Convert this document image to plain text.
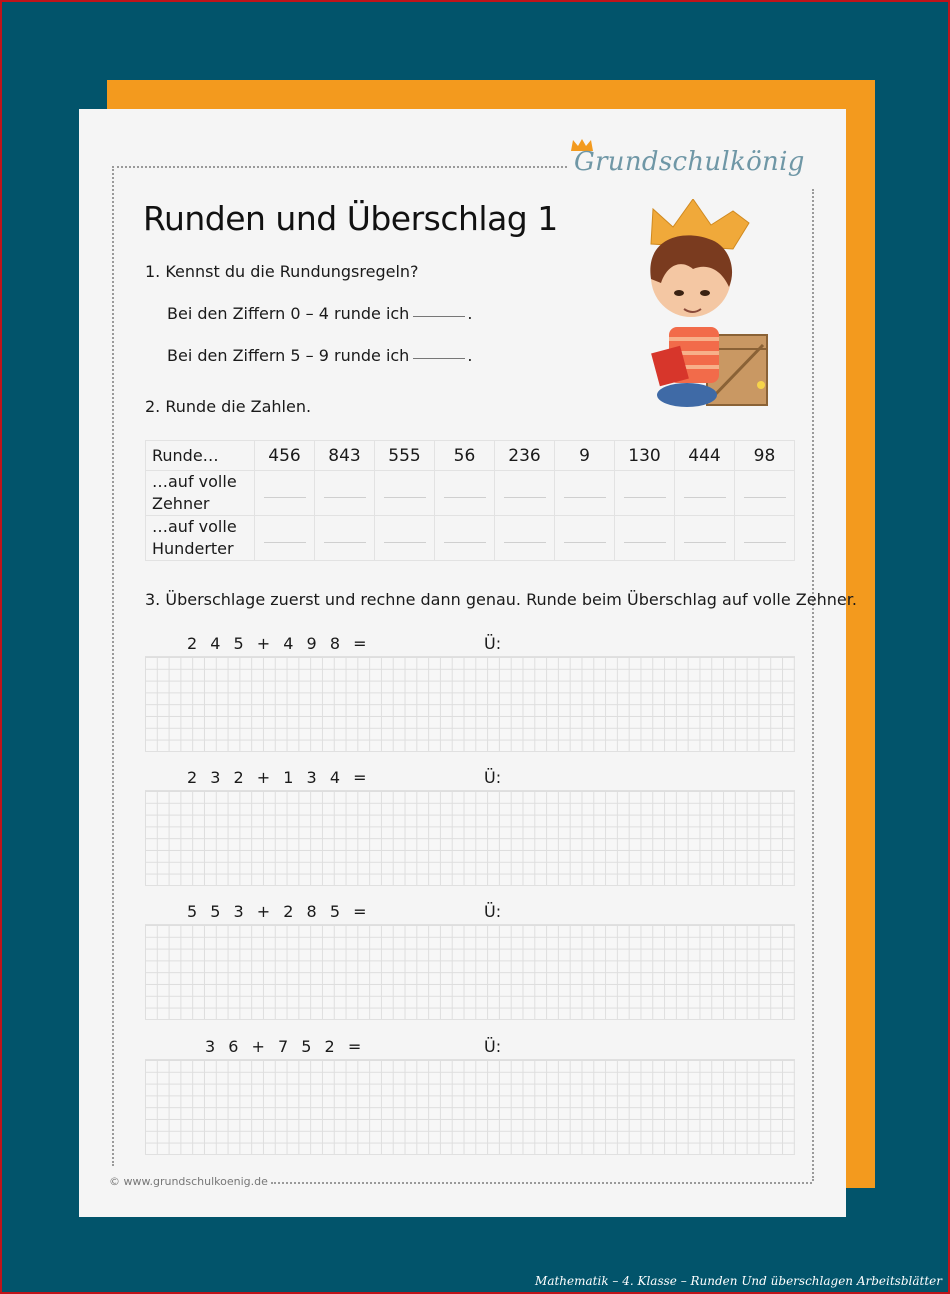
Grundschulkönig
Runden und Überschlag 1
1. Kennst du die Rundungsregeln?
Bei den Ziffern 0 – 4 runde ich	.
Bei den Ziffern 5 – 9 runde ich	.
2. Runde die Zahlen.
Runde…	456	843	555	56	236	9	130	444	98
…auf volle
Zehner									
…auf volle
Hunderter									
3. Überschlage zuerst und rechne dann genau. Runde beim Überschlag auf volle Zehner.
2 4 5 + 4 9 8 =	Ü:
2 3 2 + 1 3 4 =	Ü:
5 5 3 + 2 8 5 =	Ü:
3 6 + 7 5 2 =	Ü:
© www.grundschulkoenig.de
Mathematik – 4. Klasse – Runden Und überschlagen Arbeitsblätter
